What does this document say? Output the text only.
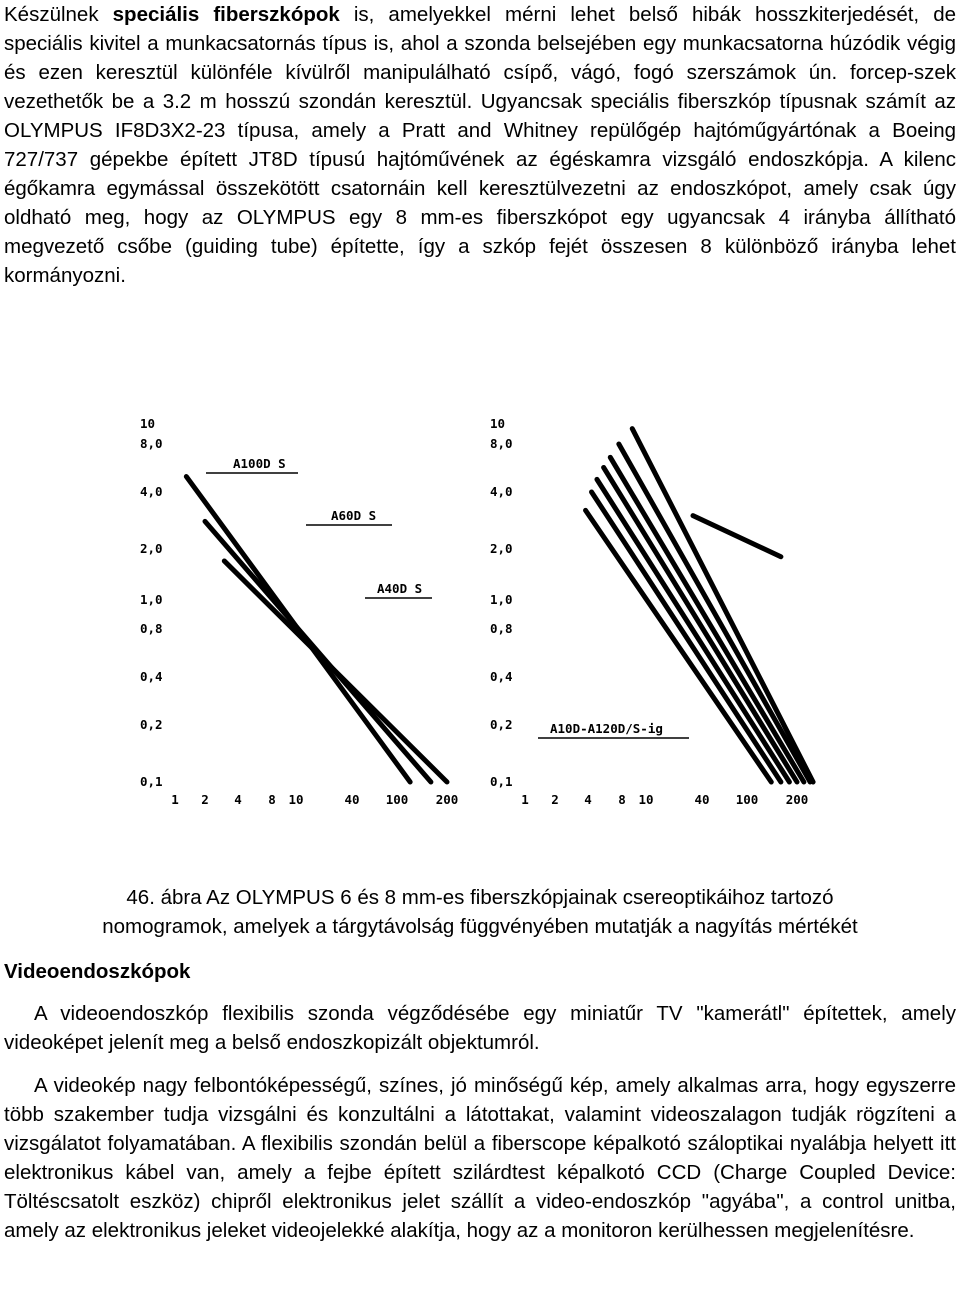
Készülnek speciális fiberszkópok is, amelyekkel mérni lehet belső hibák hosszkiterjedését, de speciális kivitel a munkacsatornás típus is, ahol a szonda belsejében egy munkacsatorna húzódik végig és ezen keresztül különféle kívülről manipulálható csípő, vágó, fogó szerszámok ún. forcep-szek vezethetők be a 3.2 m hosszú szondán keresztül. Ugyancsak speciális fiberszkóp típusnak számít az OLYMPUS IF8D3X2-23 típusa, amely a Pratt and Whitney repülőgép hajtóműgyártónak a Boeing 727/737 gépekbe épített JT8D típusú hajtóművének az égéskamra vizsgáló endoszkópja. A kilenc égőkamra egymással összekötött csatornáin kell keresztülvezetni az endoszkópot, amely csak úgy oldható meg, hogy az OLYMPUS egy 8 mm-es fiberszkópot egy ugyancsak 4 irányba állítható megvezető csőbe (guiding tube) építette, így a szkóp fejét összesen 8 különböző irányba lehet kormányozni.

10
8,0
4,0
2,0
1,0
0,8
0,4
0,2
0,1
1 2 4 8 10	40 100 200
A100D S
A60D S
A40D S
10
8,0
4,0
2,0
1,0
0,8
0,4
0,2
0,1
1 2 4 8 10	40 100 200
A10D-A120D/S-ig
46. ábra Az OLYMPUS 6 és 8 mm-es fiberszkópjainak csereoptikáihoz tartozó
nomogramok, amelyek a tárgytávolság függvényében mutatják a nagyítás mértékét
Videoendoszkópok

A videoendoszkóp flexibilis szonda végződésébe egy miniatűr TV "kamerátl" építettek, amely videoképet jelenít meg a belső endoszkopizált objektumról.

A videokép nagy felbontóképességű, színes, jó minőségű kép, amely alkalmas arra, hogy egyszerre több szakember tudja vizsgálni és konzultálni a látottakat, valamint videoszalagon tudják rögzíteni a vizsgálatot folyamatában. A flexibilis szondán belül a fiberscope képalkotó száloptikai nyalábja helyett itt elektronikus kábel van, amely a fejbe épített szilárdtest képalkotó CCD (Charge Coupled Device: Töltéscsatolt eszköz) chipről elektronikus jelet szállít a video-endoszkóp "agyába", a control unitba, amely az elektronikus jeleket videojelekké alakítja, hogy az a monitoron kerülhessen megjelenítésre.
